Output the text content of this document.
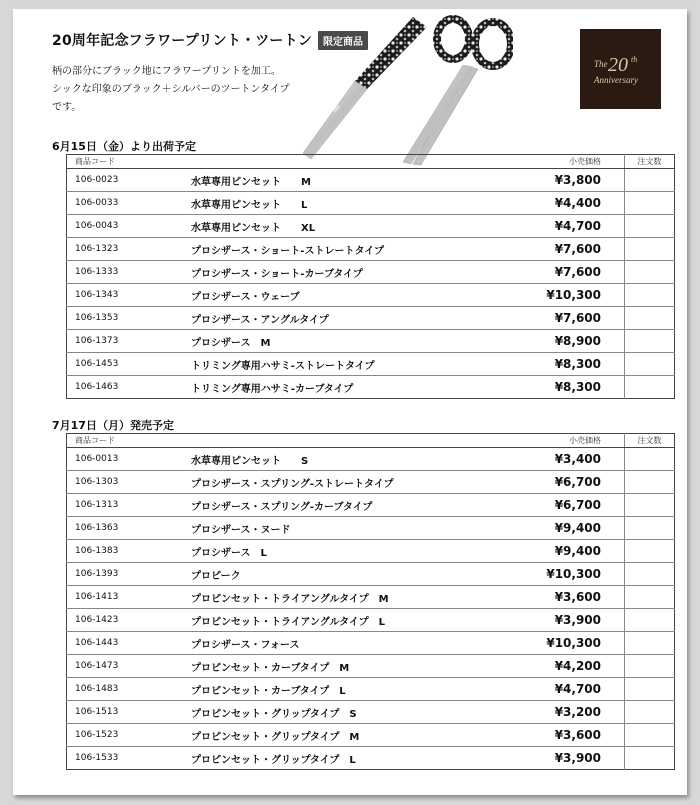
20周年記念フラワープリント・ツートン	限定商品
柄の部分にブラック地にフラワープリントを加工。
シックな印象のブラック＋シルバーのツートンタイプ
です。
The 20 th
Anniversary
6月15日（金）より出荷予定
商品コード		小売価格	注文数
106-0023	水草専用ピンセット　　M	¥3,800	
106-0033	水草専用ピンセット　　L	¥4,400	
106-0043	水草専用ピンセット　　XL	¥4,700	
106-1323	プロシザース・ショート-ストレートタイプ	¥7,600	
106-1333	プロシザース・ショート-カーブタイプ	¥7,600	
106-1343	プロシザース・ウェーブ	¥10,300	
106-1353	プロシザース・アングルタイプ	¥7,600	
106-1373	プロシザース　M	¥8,900	
106-1453	トリミング専用ハサミ-ストレートタイプ	¥8,300	
106-1463	トリミング専用ハサミ-カーブタイプ	¥8,300	
7月17日（月）発売予定
商品コード		小売価格	注文数
106-0013	水草専用ピンセット　　S	¥3,400	
106-1303	プロシザース・スプリング-ストレートタイプ	¥6,700	
106-1313	プロシザース・スプリング-カーブタイプ	¥6,700	
106-1363	プロシザース・ヌード	¥9,400	
106-1383	プロシザース　L	¥9,400	
106-1393	プロピーク	¥10,300	
106-1413	プロピンセット・トライアングルタイプ　M	¥3,600	
106-1423	プロピンセット・トライアングルタイプ　L	¥3,900	
106-1443	プロシザース・フォース	¥10,300	
106-1473	プロピンセット・カーブタイプ　M	¥4,200	
106-1483	プロピンセット・カーブタイプ　L	¥4,700	
106-1513	プロピンセット・グリップタイプ　S	¥3,200	
106-1523	プロピンセット・グリップタイプ　M	¥3,600	
106-1533	プロピンセット・グリップタイプ　L	¥3,900	
